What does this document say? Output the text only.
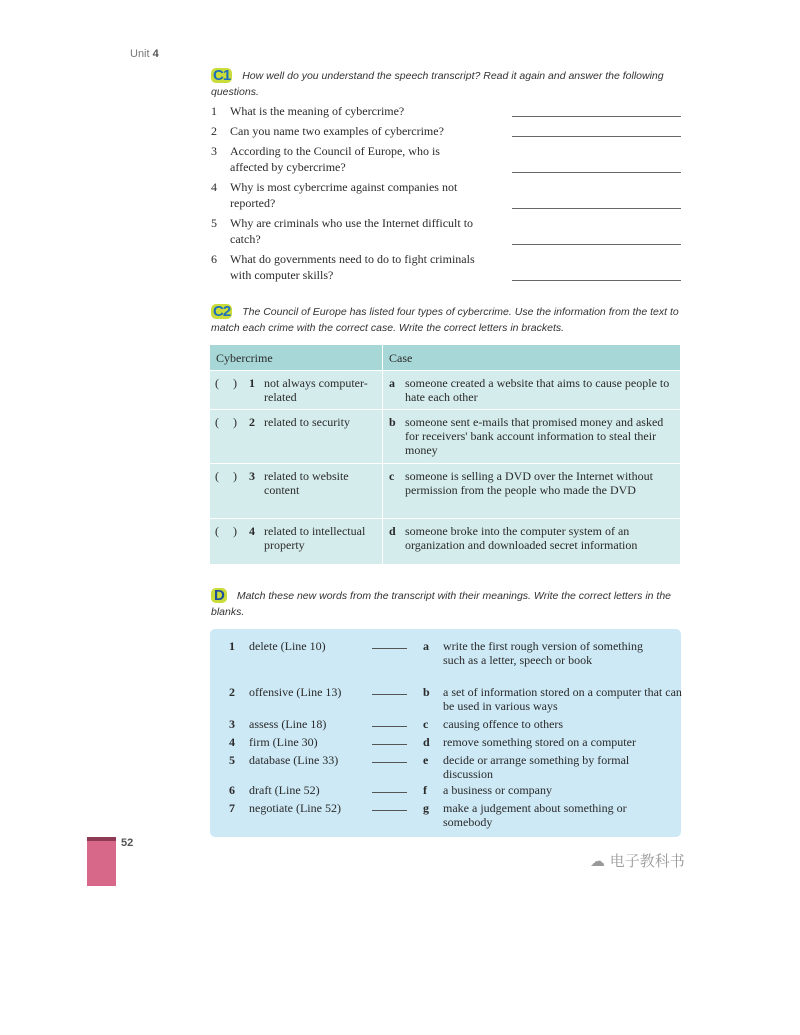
Unit 4
C1 How well do you understand the speech transcript? Read it again and answer the following questions.
1	What is the meaning of cybercrime?
2	Can you name two examples of cybercrime?
3	According to the Council of Europe, who is affected by cybercrime?
4	Why is most cybercrime against companies not reported?
5	Why are criminals who use the Internet difficult to catch?
6	What do governments need to do to fight criminals with computer skills?
C2 The Council of Europe has listed four types of cybercrime. Use the information from the text to match each crime with the correct case. Write the correct letters in brackets.
Cybercrime	Case

( ) 1 not always computer-related	a someone created a website that aims to cause people to hate each other

( ) 2 related to security	b someone sent e-mails that promised money and asked for receivers' bank account information to steal their money

( ) 3 related to website content	c someone is selling a DVD over the Internet without permission from the people who made the DVD

( ) 4 related to intellectual property	d someone broke into the computer system of an organization and downloaded secret information
D Match these new words from the transcript with their meanings. Write the correct letters in the blanks.
1 delete (Line 10)	a write the first rough version of something such as a letter, speech or book
2 offensive (Line 13)	b a set of information stored on a computer that can be used in various ways
3 assess (Line 18)	c causing offence to others
4 firm (Line 30)	d remove something stored on a computer
5 database (Line 33)	e decide or arrange something by formal discussion
6 draft (Line 52)	f a business or company
7 negotiate (Line 52)	g make a judgement about something or somebody
52
☁ 电子教科书
